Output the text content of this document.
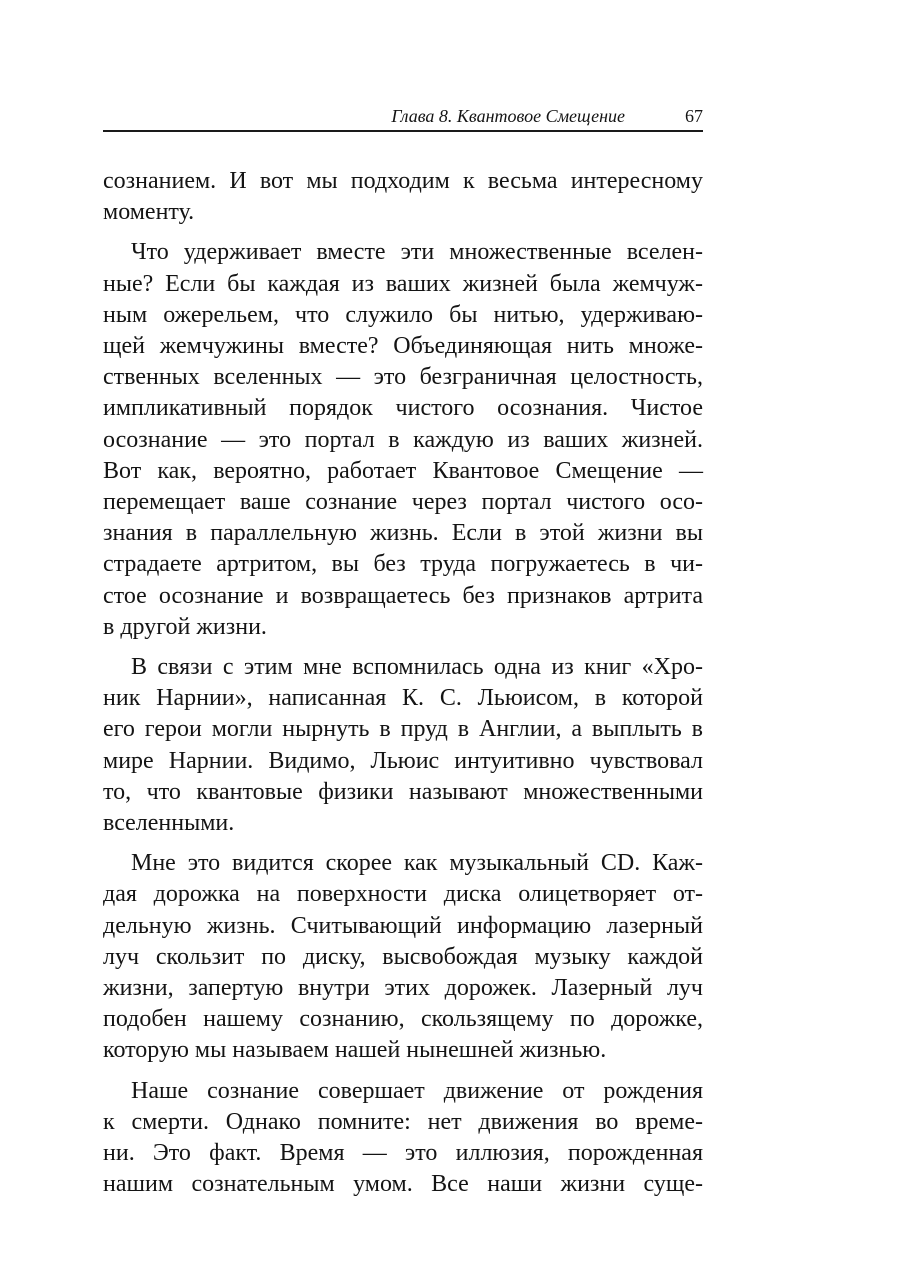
Глава 8. Квантовое Смещение	67

сознанием. И вот мы подходим к весьма интересному
моменту.

Что удерживает вместе эти множественные вселен-
ные? Если бы каждая из ваших жизней была жемчуж-
ным ожерельем, что служило бы нитью, удерживаю-
щей жемчужины вместе? Объединяющая нить множе-
ственных вселенных — это безграничная целостность,
импликативный порядок чистого осознания. Чистое
осознание — это портал в каждую из ваших жизней.
Вот как, вероятно, работает Квантовое Смещение —
перемещает ваше сознание через портал чистого осо-
знания в параллельную жизнь. Если в этой жизни вы
страдаете артритом, вы без труда погружаетесь в чи-
стое осознание и возвращаетесь без признаков артрита
в другой жизни.

В связи с этим мне вспомнилась одна из книг «Хро-
ник Нарнии», написанная К. С. Льюисом, в которой
его герои могли нырнуть в пруд в Англии, а выплыть в
мире Нарнии. Видимо, Льюис интуитивно чувствовал
то, что квантовые физики называют множественными
вселенными.

Мне это видится скорее как музыкальный CD. Каж-
дая дорожка на поверхности диска олицетворяет от-
дельную жизнь. Считывающий информацию лазерный
луч скользит по диску, высвобождая музыку каждой
жизни, запертую внутри этих дорожек. Лазерный луч
подобен нашему сознанию, скользящему по дорожке,
которую мы называем нашей нынешней жизнью.

Наше сознание совершает движение от рождения
к смерти. Однако помните: нет движения во време-
ни. Это факт. Время — это иллюзия, порожденная
нашим сознательным умом. Все наши жизни суще-
